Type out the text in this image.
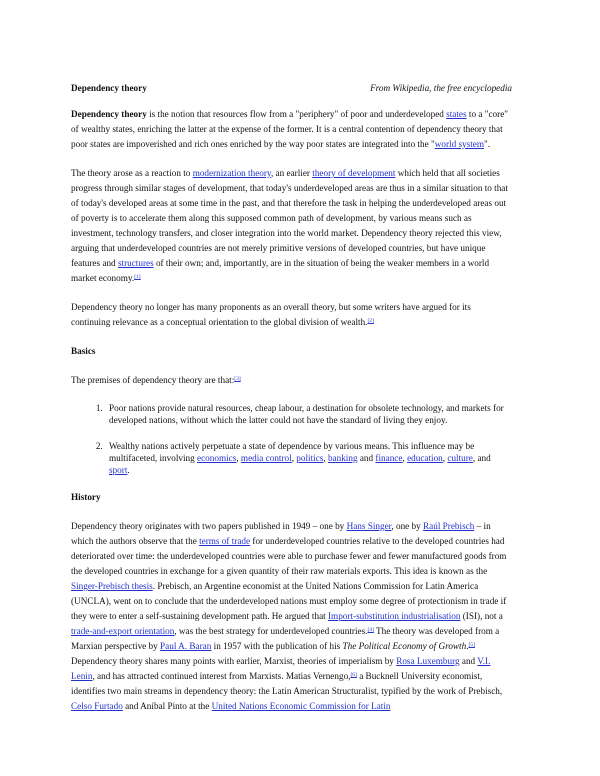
Dependency theory	From Wikipedia, the free encyclopedia

Dependency theory is the notion that resources flow from a "periphery" of poor and underdeveloped states to a "core" of wealthy states, enriching the latter at the expense of the former. It is a central contention of dependency theory that poor states are impoverished and rich ones enriched by the way poor states are integrated into the "world system".

The theory arose as a reaction to modernization theory, an earlier theory of development which held that all societies progress through similar stages of development, that today's underdeveloped areas are thus in a similar situation to that of today's developed areas at some time in the past, and that therefore the task in helping the underdeveloped areas out of poverty is to accelerate them along this supposed common path of development, by various means such as investment, technology transfers, and closer integration into the world market. Dependency theory rejected this view, arguing that underdeveloped countries are not merely primitive versions of developed countries, but have unique features and structures of their own; and, importantly, are in the situation of being the weaker members in a world market economy.[1]

Dependency theory no longer has many proponents as an overall theory, but some writers have argued for its continuing relevance as a conceptual orientation to the global division of wealth.[2]

Basics

The premises of dependency theory are that:[3]

1. Poor nations provide natural resources, cheap labour, a destination for obsolete technology, and markets for developed nations, without which the latter could not have the standard of living they enjoy.
2. Wealthy nations actively perpetuate a state of dependence by various means. This influence may be multifaceted, involving economics, media control, politics, banking and finance, education, culture, and sport.
History

Dependency theory originates with two papers published in 1949 – one by Hans Singer, one by Raúl Prebisch – in which the authors observe that the terms of trade for underdeveloped countries relative to the developed countries had deteriorated over time: the underdeveloped countries were able to purchase fewer and fewer manufactured goods from the developed countries in exchange for a given quantity of their raw materials exports. This idea is known as the Singer-Prebisch thesis. Prebisch, an Argentine economist at the United Nations Commission for Latin America (UNCLA), went on to conclude that the underdeveloped nations must employ some degree of protectionism in trade if they were to enter a self-sustaining development path. He argued that Import-substitution industrialisation (ISI), not a trade-and-export orientation, was the best strategy for underdeveloped countries.[4] The theory was developed from a Marxian perspective by Paul A. Baran in 1957 with the publication of his The Political Economy of Growth.[5] Dependency theory shares many points with earlier, Marxist, theories of imperialism by Rosa Luxemburg and V.I. Lenin, and has attracted continued interest from Marxists. Matias Vernengo,[6] a Bucknell University economist, identifies two main streams in dependency theory: the Latin American Structuralist, typified by the work of Prebisch, Celso Furtado and Aníbal Pinto at the United Nations Economic Commission for Latin
